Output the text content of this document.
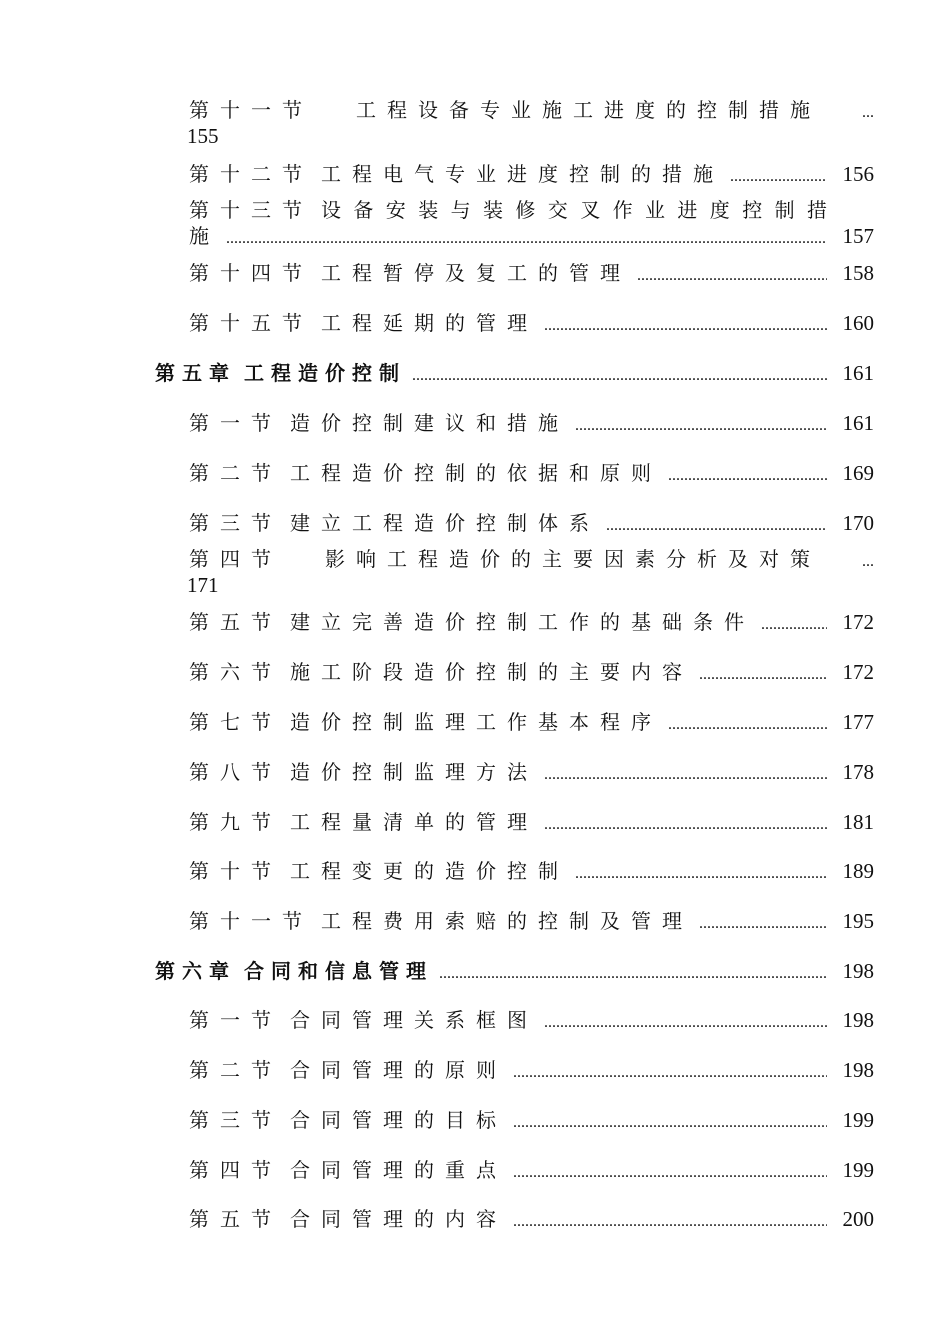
第十一节 工程设备专业施工进度的控制措施	...
155
第十二节 工程电气专业进度控制的措施 .....	156
第十三节 设备安装与装修交叉作业进度控制措
施 .....	157
第十四节 工程暂停及复工的管理 .....	158
第十五节 工程延期的管理 .....	160
第五章 工程造价控制 .....	161
第一节 造价控制建议和措施 .....	161
第二节 工程造价控制的依据和原则 .....	169
第三节 建立工程造价控制体系 .....	170
第四节 影响工程造价的主要因素分析及对策	...
171
第五节 建立完善造价控制工作的基础条件 .....	172
第六节 施工阶段造价控制的主要内容 .....	172
第七节 造价控制监理工作基本程序 .....	177
第八节 造价控制监理方法 .....	178
第九节 工程量清单的管理 .....	181
第十节 工程变更的造价控制 .....	189
第十一节 工程费用索赔的控制及管理 .....	195
第六章 合同和信息管理 .....	198
第一节 合同管理关系框图 .....	198
第二节 合同管理的原则 .....	198
第三节 合同管理的目标 .....	199
第四节 合同管理的重点 .....	199
第五节 合同管理的内容 .....	200
